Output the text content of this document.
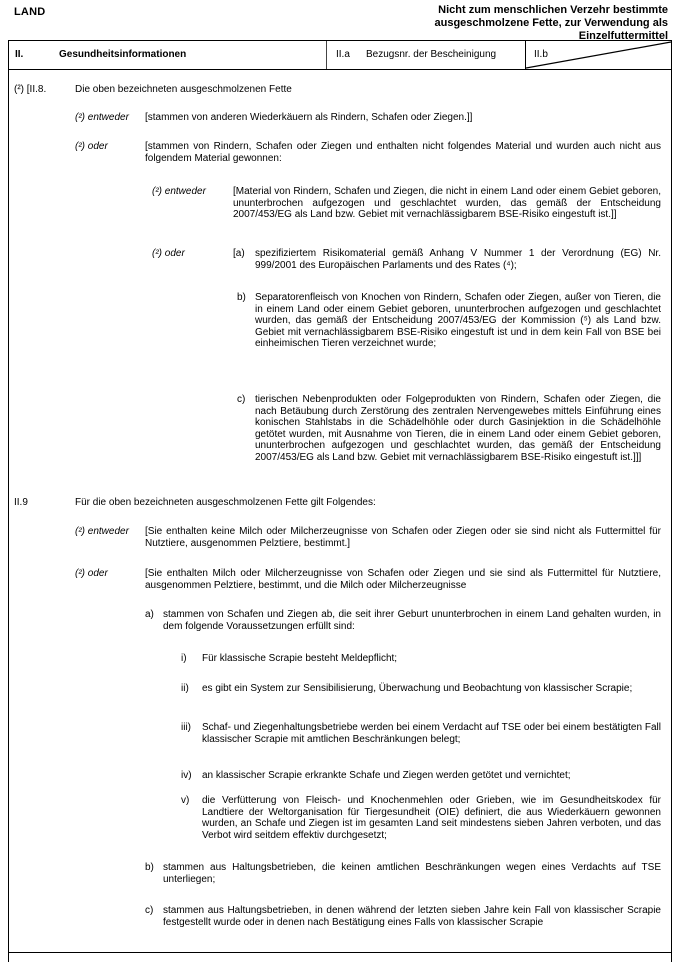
LAND	Nicht zum menschlichen Verzehr bestimmte
ausgeschmolzene Fette, zur Verwendung als
Einzelfuttermittel
II.	Gesundheitsinformationen	II.a Bezugsnr. der Bescheinigung	II.b
(²) [II.8.	Die oben bezeichneten ausgeschmolzenen Fette
(²) entweder [stammen von anderen Wiederkäuern als Rindern, Schafen oder Ziegen.]]
(²) oder	[stammen von Rindern, Schafen oder Ziegen und enthalten nicht folgendes Material und wurden auch nicht aus folgendem Material gewonnen:
(²) entweder	[Material von Rindern, Schafen und Ziegen, die nicht in einem Land oder einem Gebiet geboren, ununterbrochen aufgezogen und geschlachtet wurden, das gemäß der Entscheidung 2007/453/EG als Land bzw. Gebiet mit vernachlässigbarem BSE-Risiko eingestuft ist.]]
(²) oder	[a) spezifiziertem Risikomaterial gemäß Anhang V Nummer 1 der Verordnung (EG) Nr. 999/2001 des Europäischen Parlaments und des Rates (⁴);
b) Separatorenfleisch von Knochen von Rindern, Schafen oder Ziegen, außer von Tieren, die in einem Land oder einem Gebiet geboren, ununterbrochen aufgezogen und geschlachtet wurden, das gemäß der Entscheidung 2007/453/EG der Kommission (⁵) als Land bzw. Gebiet mit vernachlässigbarem BSE-Risiko eingestuft ist und in dem kein Fall von BSE bei einheimischen Tieren verzeichnet wurde;
c) tierischen Nebenprodukten oder Folgeprodukten von Rindern, Schafen oder Ziegen, die nach Betäubung durch Zerstörung des zentralen Nervengewebes mittels Einführung eines konischen Stahlstabs in die Schädelhöhle oder durch Gasinjektion in die Schädelhöhle getötet wurden, mit Ausnahme von Tieren, die in einem Land oder einem Gebiet geboren, ununterbrochen aufgezogen und geschlachtet wurden, das gemäß der Entscheidung 2007/453/EG als Land bzw. Gebiet mit vernachlässigbarem BSE-Risiko eingestuft ist.]]]
II.9	Für die oben bezeichneten ausgeschmolzenen Fette gilt Folgendes:
(²) entweder [Sie enthalten keine Milch oder Milcherzeugnisse von Schafen oder Ziegen oder sie sind nicht als Futtermittel für Nutztiere, ausgenommen Pelztiere, bestimmt.]
(²) oder	[Sie enthalten Milch oder Milcherzeugnisse von Schafen oder Ziegen und sie sind als Futtermittel für Nutztiere, ausgenommen Pelztiere, bestimmt, und die Milch oder Milcherzeugnisse
a) stammen von Schafen und Ziegen ab, die seit ihrer Geburt ununterbrochen in einem Land gehalten wurden, in dem folgende Voraussetzungen erfüllt sind:
i) Für klassische Scrapie besteht Meldepflicht;
ii) es gibt ein System zur Sensibilisierung, Überwachung und Beobachtung von klassischer Scrapie;
iii) Schaf- und Ziegenhaltungsbetriebe werden bei einem Verdacht auf TSE oder bei einem bestätigten Fall klassischer Scrapie mit amtlichen Beschränkungen belegt;
iv) an klassischer Scrapie erkrankte Schafe und Ziegen werden getötet und vernichtet;
v) die Verfütterung von Fleisch- und Knochenmehlen oder Grieben, wie im Gesundheitskodex für Landtiere der Weltorganisation für Tiergesundheit (OIE) definiert, die aus Wiederkäuern gewonnen wurden, an Schafe und Ziegen ist im gesamten Land seit mindestens sieben Jahren verboten, und das Verbot wird seitdem effektiv durchgesetzt;
b) stammen aus Haltungsbetrieben, die keinen amtlichen Beschränkungen wegen eines Verdachts auf TSE unterliegen;
c) stammen aus Haltungsbetrieben, in denen während der letzten sieben Jahre kein Fall von klassischer Scrapie festgestellt wurde oder in denen nach Bestätigung eines Falls von klassischer Scrapie
